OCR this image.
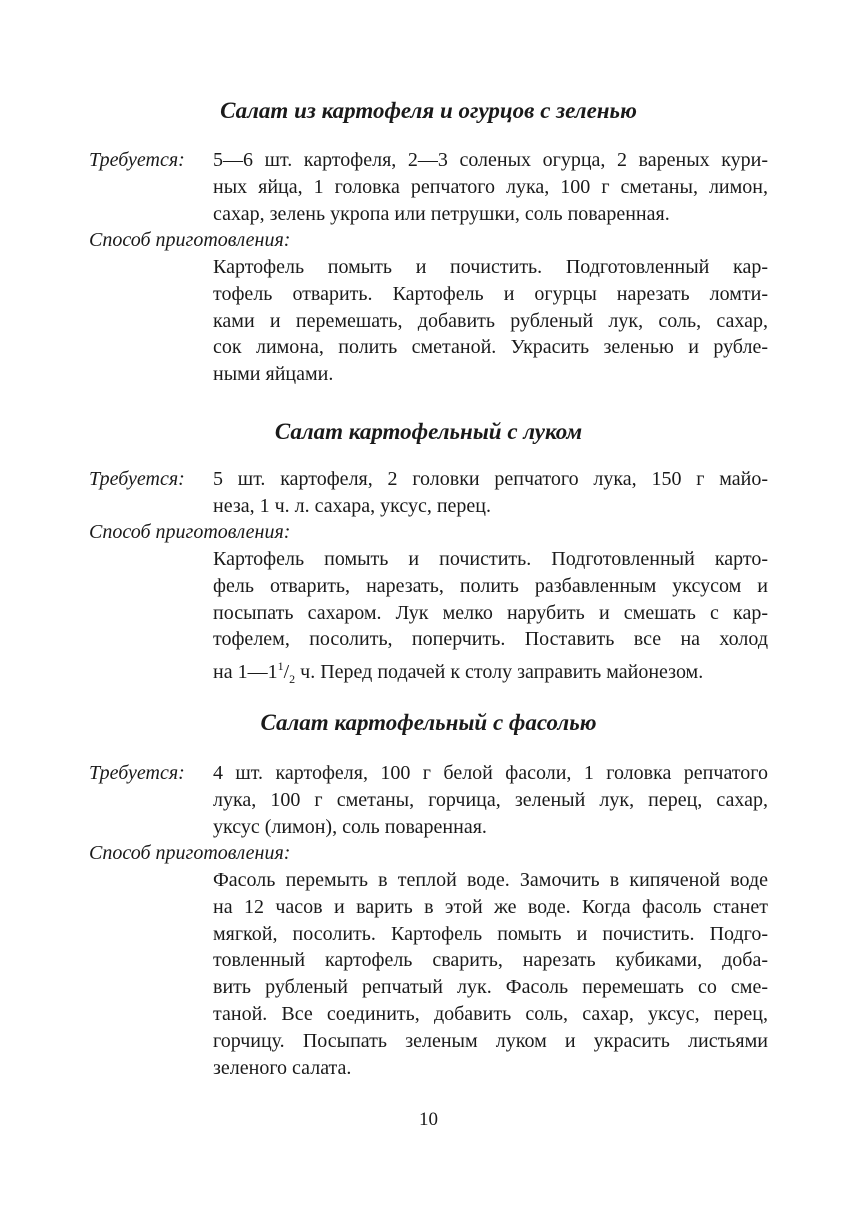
Салат из картофеля и огурцов с зеленью
Требуется: 5—6 шт. картофеля, 2—3 соленых огурца, 2 вареных кури-
ных яйца, 1 головка репчатого лука, 100 г сметаны, лимон,
сахар, зелень укропа или петрушки, соль поваренная.
Способ приготовления:
Картофель помыть и почистить. Подготовленный кар-
тофель отварить. Картофель и огурцы нарезать ломти-
ками и перемешать, добавить рубленый лук, соль, сахар,
сок лимона, полить сметаной. Украсить зеленью и рубле-
ными яйцами.
Салат картофельный с луком
Требуется: 5 шт. картофеля, 2 головки репчатого лука, 150 г майо-
неза, 1 ч. л. сахара, уксус, перец.
Способ приготовления:
Картофель помыть и почистить. Подготовленный карто-
фель отварить, нарезать, полить разбавленным уксусом и
посыпать сахаром. Лук мелко нарубить и смешать с кар-
тофелем, посолить, поперчить. Поставить все на холод
на $1—1^1/_2$ ч. Перед подачей к столу заправить майонезом.
Салат картофельный с фасолью
Требуется: 4 шт. картофеля, 100 г белой фасоли, 1 головка репчатого
лука, 100 г сметаны, горчица, зеленый лук, перец, сахар,
уксус (лимон), соль поваренная.
Способ приготовления:
Фасоль перемыть в теплой воде. Замочить в кипяченой воде
на 12 часов и варить в этой же воде. Когда фасоль станет
мягкой, посолить. Картофель помыть и почистить. Подго-
товленный картофель сварить, нарезать кубиками, доба-
вить рубленый репчатый лук. Фасоль перемешать со сме-
таной. Все соединить, добавить соль, сахар, уксус, перец,
горчицу. Посыпать зеленым луком и украсить листьями
зеленого салата.
10
